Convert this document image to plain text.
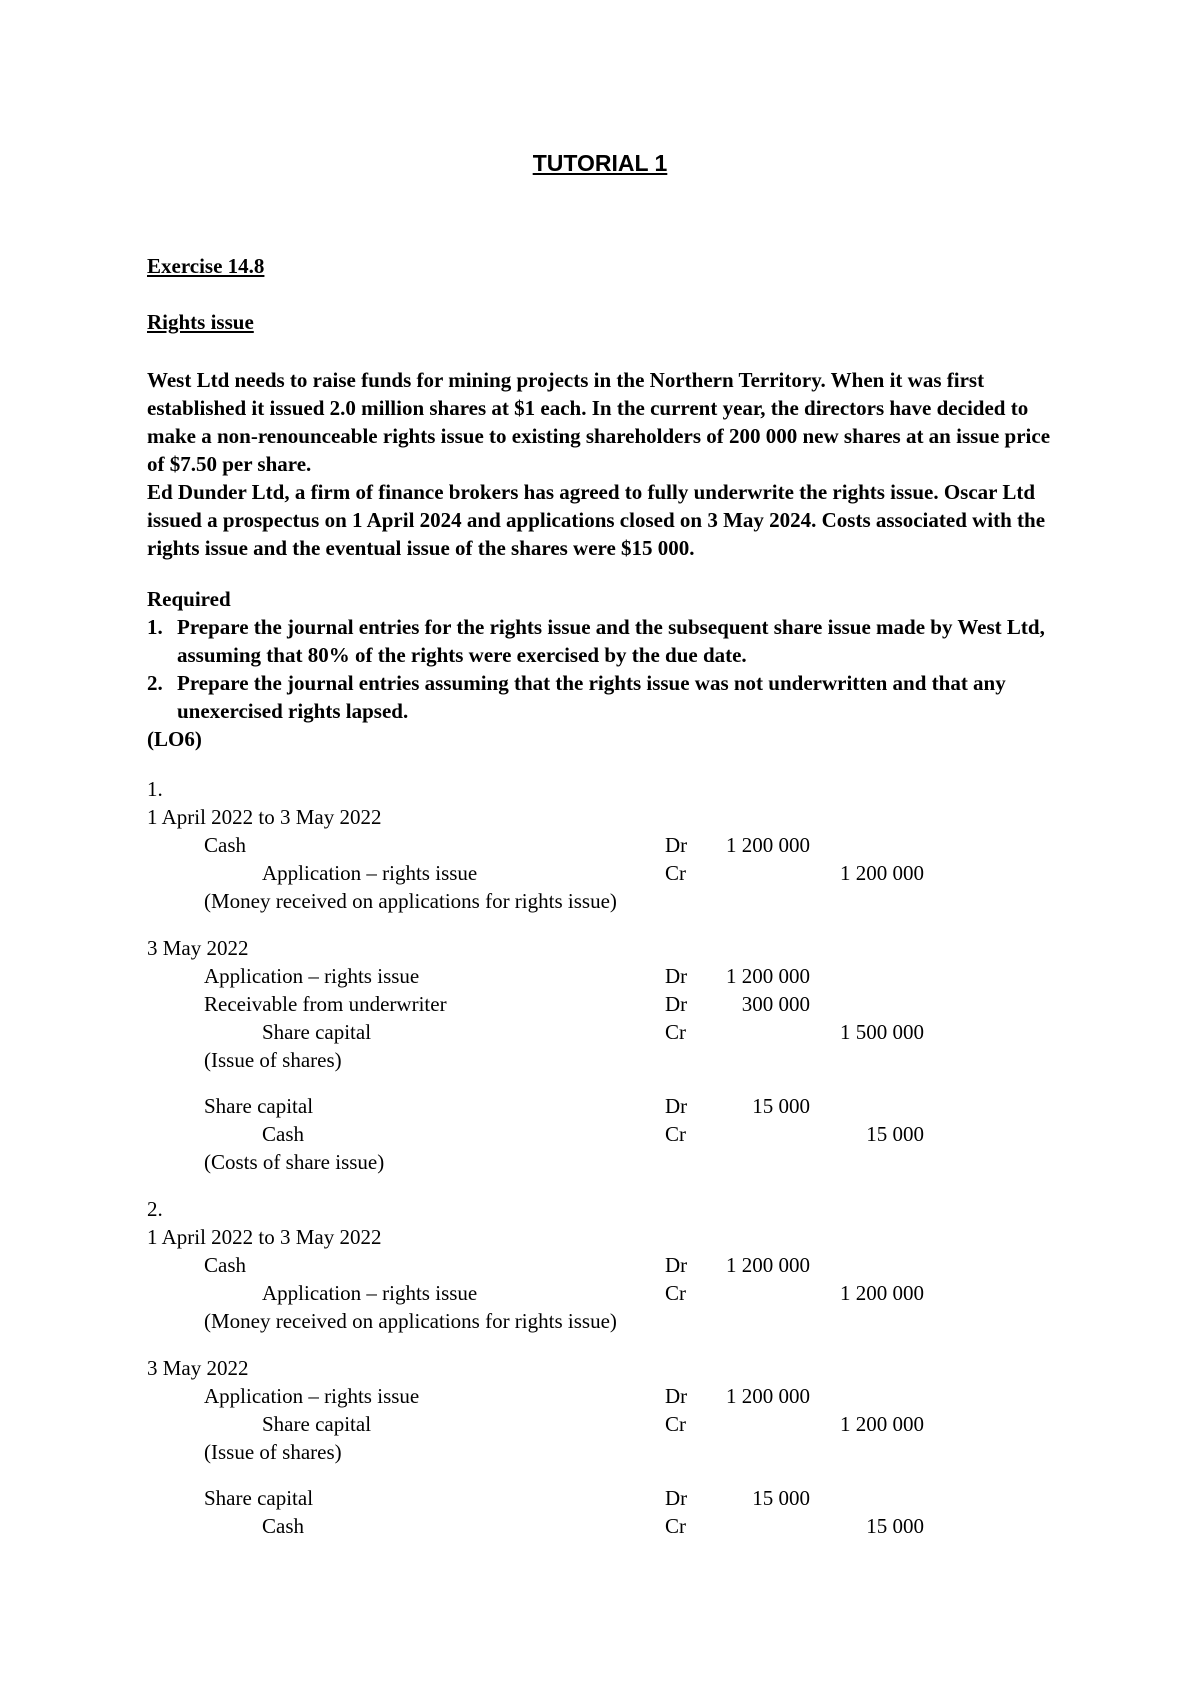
TUTORIAL 1
Exercise 14.8
Rights issue

West Ltd needs to raise funds for mining projects in the Northern Territory. When it was first established it issued 2.0 million shares at $1 each. In the current year, the directors have decided to make a non-renounceable rights issue to existing shareholders of 200 000 new shares at an issue price of $7.50 per share.

Ed Dunder Ltd, a firm of finance brokers has agreed to fully underwrite the rights issue. Oscar Ltd issued a prospectus on 1 April 2024 and applications closed on 3 May 2024. Costs associated with the rights issue and the eventual issue of the shares were $15 000.

Required
1. Prepare the journal entries for the rights issue and the subsequent share issue made by West Ltd, assuming that 80% of the rights were exercised by the due date.
2. Prepare the journal entries assuming that the rights issue was not underwritten and that any unexercised rights lapsed.
(LO6)
1.
1 April 2022 to 3 May 2022
Cash	Dr	1 200 000
Application – rights issue	Cr	1 200 000
(Money received on applications for rights issue)
3 May 2022
Application – rights issue	Dr	1 200 000
Receivable from underwriter	Dr	300 000
Share capital	Cr	1 500 000
(Issue of shares)
Share capital	Dr	15 000
Cash	Cr	15 000
(Costs of share issue)
2.
1 April 2022 to 3 May 2022
Cash	Dr	1 200 000
Application – rights issue	Cr	1 200 000
(Money received on applications for rights issue)
3 May 2022
Application – rights issue	Dr	1 200 000
Share capital	Cr	1 200 000
(Issue of shares)
Share capital	Dr	15 000
Cash	Cr	15 000
